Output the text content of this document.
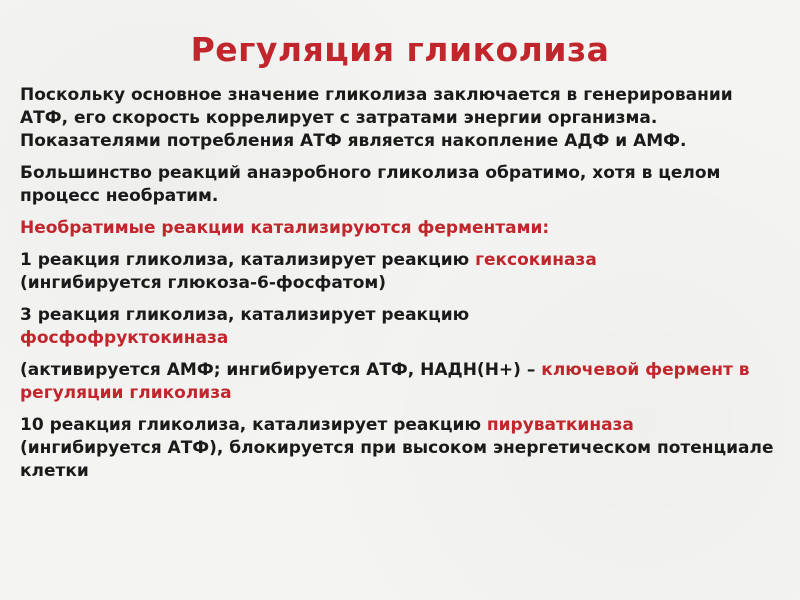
Регуляция гликолиза

Поскольку основное значение гликолиза заключается в генерировании АТФ, его скорость коррелирует с затратами энергии организма. Показателями потребления АТФ является накопление АДФ и АМФ.

Большинство реакций анаэробного гликолиза обратимо, хотя в целом процесс необратим.

Необратимые реакции катализируются ферментами:

1 реакция гликолиза, катализирует реакцию гексокиназа
(ингибируется глюкоза-6-фосфатом)

3 реакция гликолиза, катализирует реакцию
фосфофруктокиназа

(активируется АМФ; ингибируется АТФ, НАДН(Н+) – ключевой фермент в регуляции гликолиза

10 реакция гликолиза, катализирует реакцию пируваткиназа (ингибируется АТФ), блокируется при высоком энергетическом потенциале клетки
